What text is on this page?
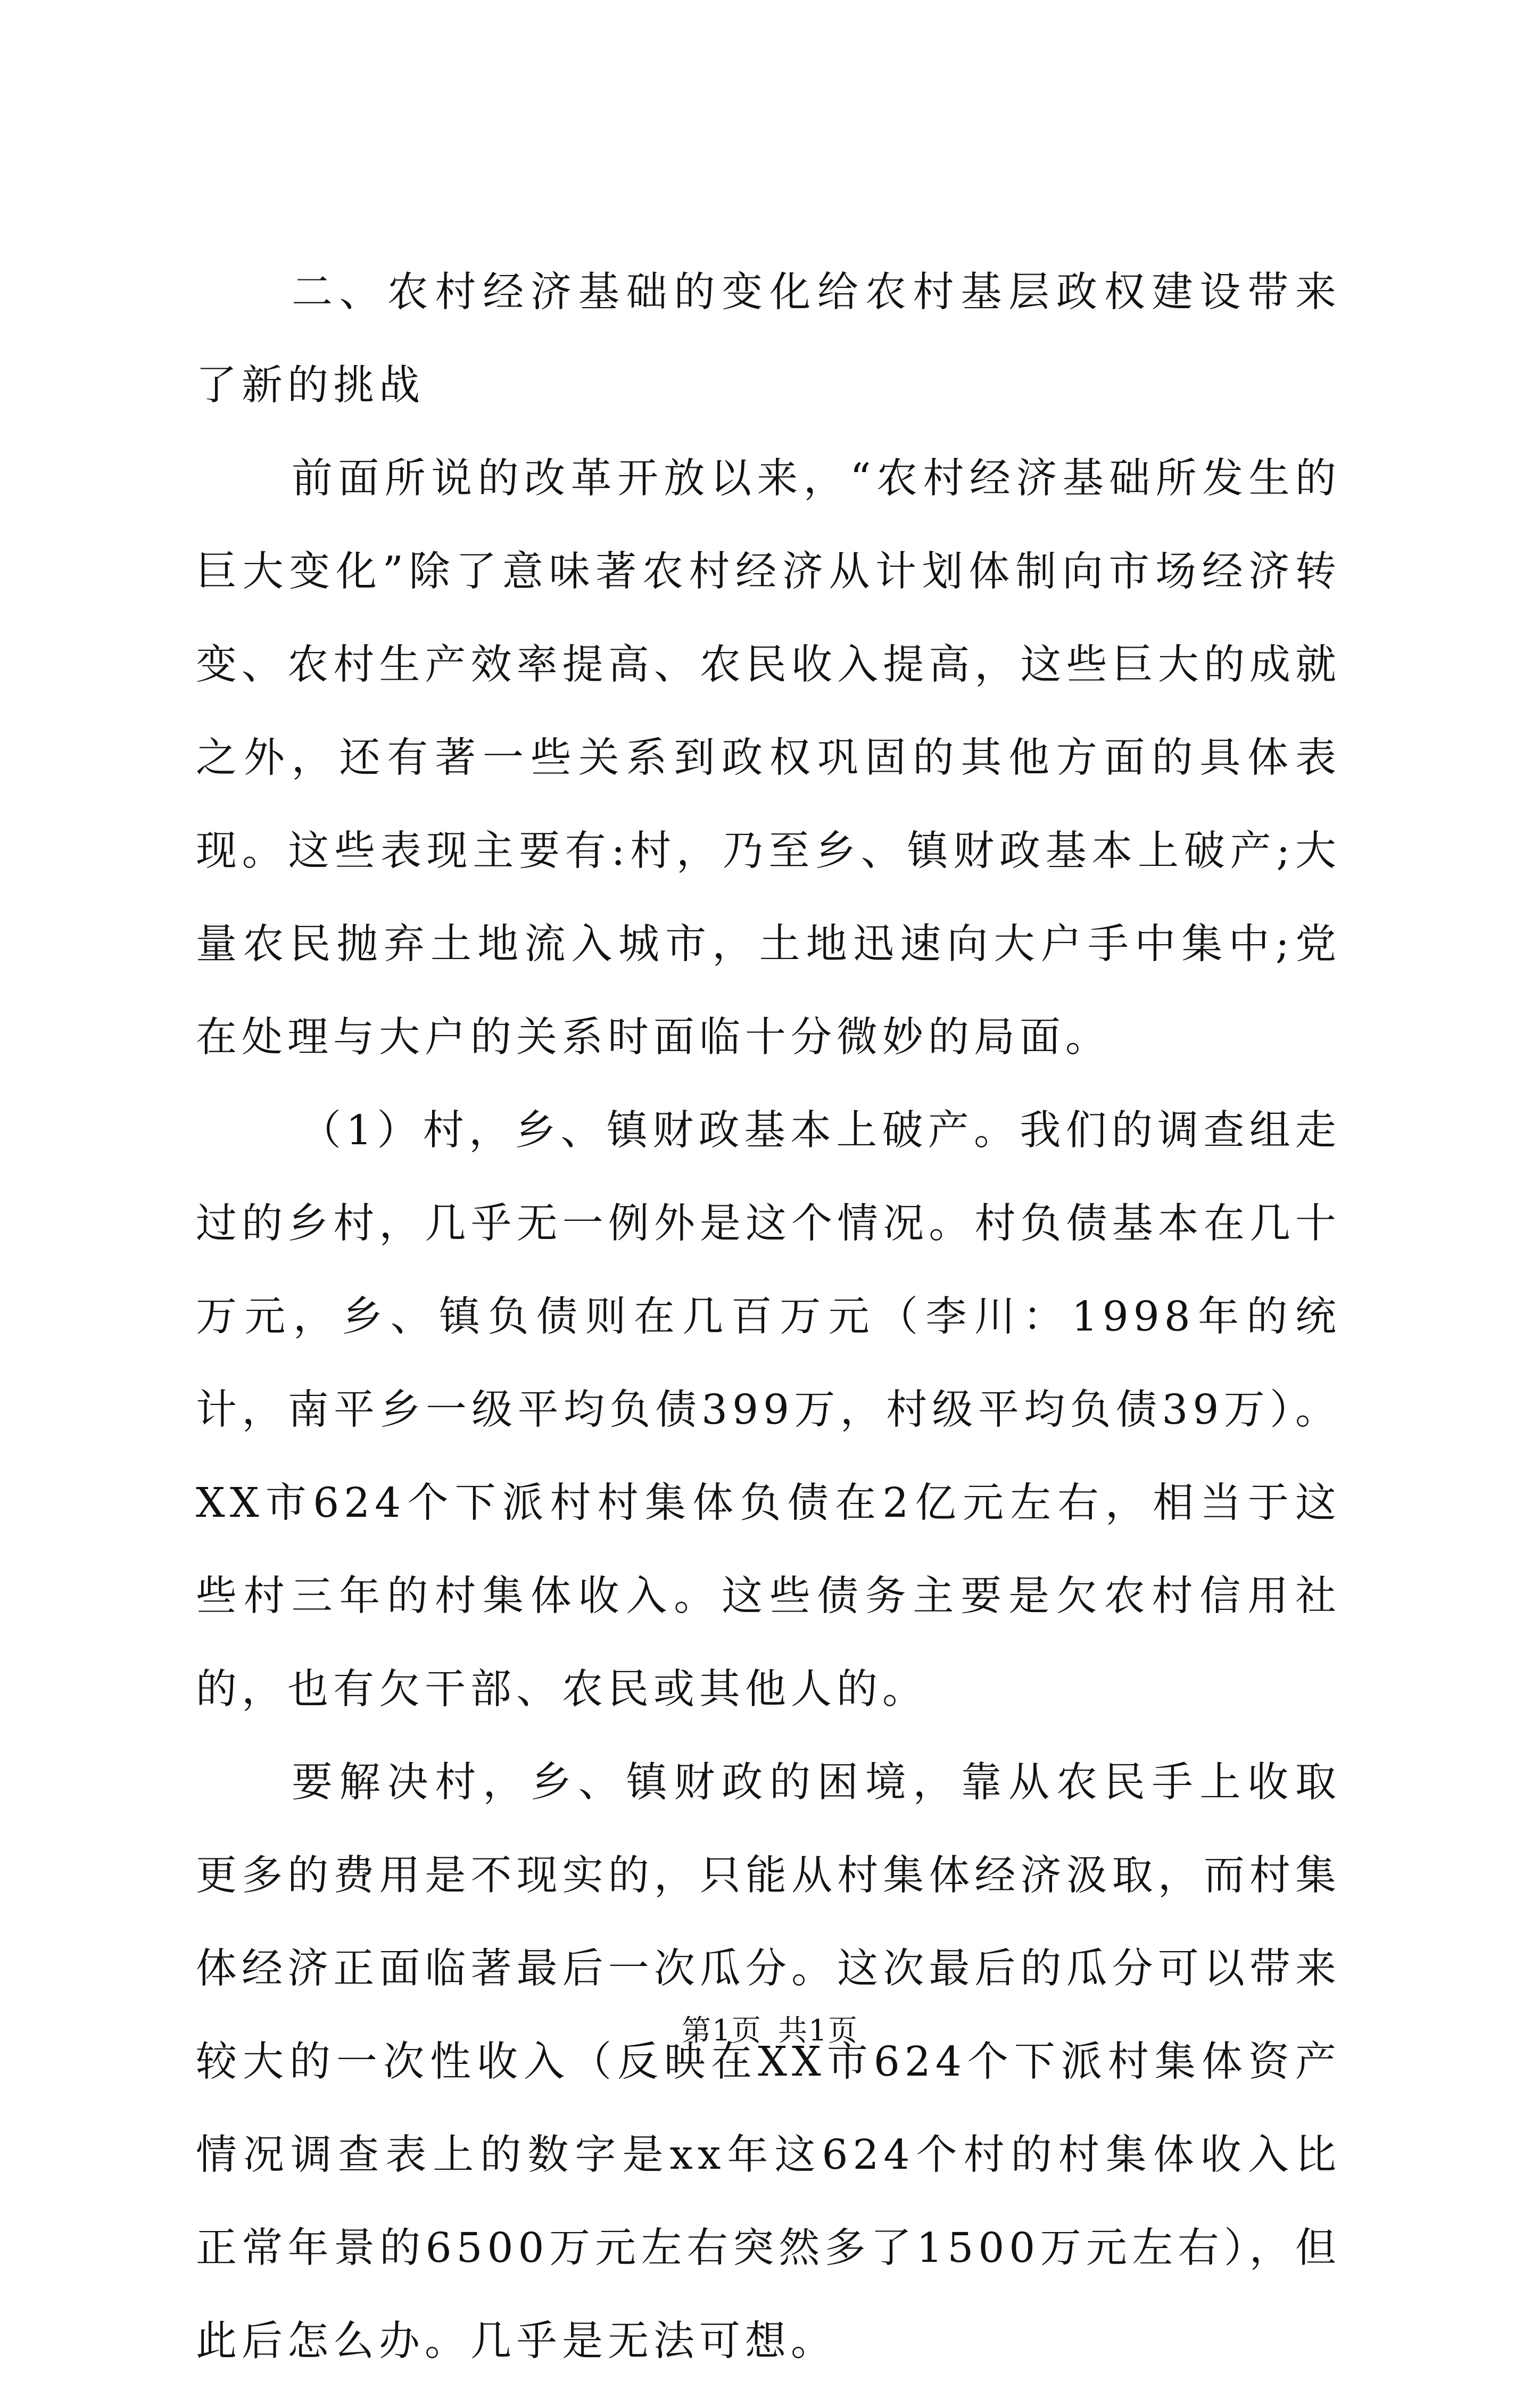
二、农村经济基础的变化给农村基层政权建设带来了新的挑战

前面所说的改革开放以来，“农村经济基础所发生的巨大变化”除了意味著农村经济从计划体制向市场经济转变、农村生产效率提高、农民收入提高，这些巨大的成就之外，还有著一些关系到政权巩固的其他方面的具体表现。这些表现主要有:村，乃至乡、镇财政基本上破产;大量农民抛弃土地流入城市，土地迅速向大户手中集中;党在处理与大户的关系时面临十分微妙的局面。

（1）村，乡、镇财政基本上破产。我们的调查组走过的乡村，几乎无一例外是这个情况。村负债基本在几十万元，乡、镇负债则在几百万元（李川：1998年的统计，南平乡一级平均负债399万，村级平均负债39万）。XX市624个下派村村集体负债在2亿元左右，相当于这些村三年的村集体收入。这些债务主要是欠农村信用社的，也有欠干部、农民或其他人的。

要解决村，乡、镇财政的困境，靠从农民手上收取更多的费用是不现实的，只能从村集体经济汲取，而村集体经济正面临著最后一次瓜分。这次最后的瓜分可以带来较大的一次性收入（反映在XX市624个下派村集体资产情况调查表上的数字是xx年这624个村的村集体收入比正常年景的6500万元左右突然多了1500万元左右），但此后怎么办。几乎是无法可想。

第1页 共1页
